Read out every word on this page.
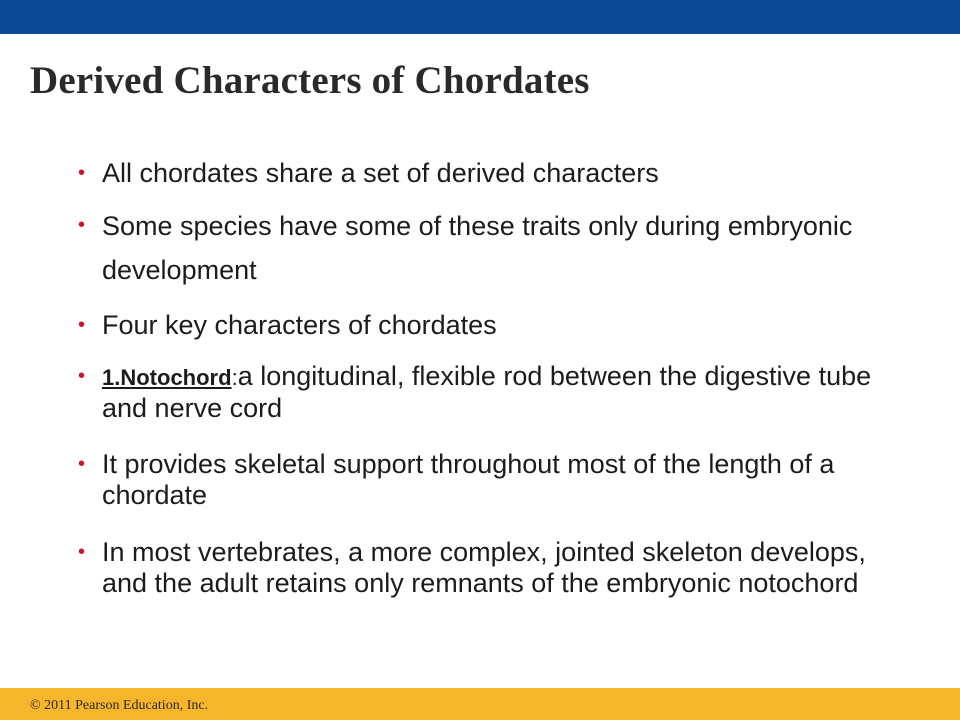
Derived Characters of Chordates
• All chordates share a set of derived characters
• Some species have some of these traits only during embryonic development
• Four key characters of chordates
• 1.Notochord:a longitudinal, flexible rod between the digestive tube and nerve cord
• It provides skeletal support throughout most of the length of a chordate
• In most vertebrates, a more complex, jointed skeleton develops, and the adult retains only remnants of the embryonic notochord
© 2011 Pearson Education, Inc.
